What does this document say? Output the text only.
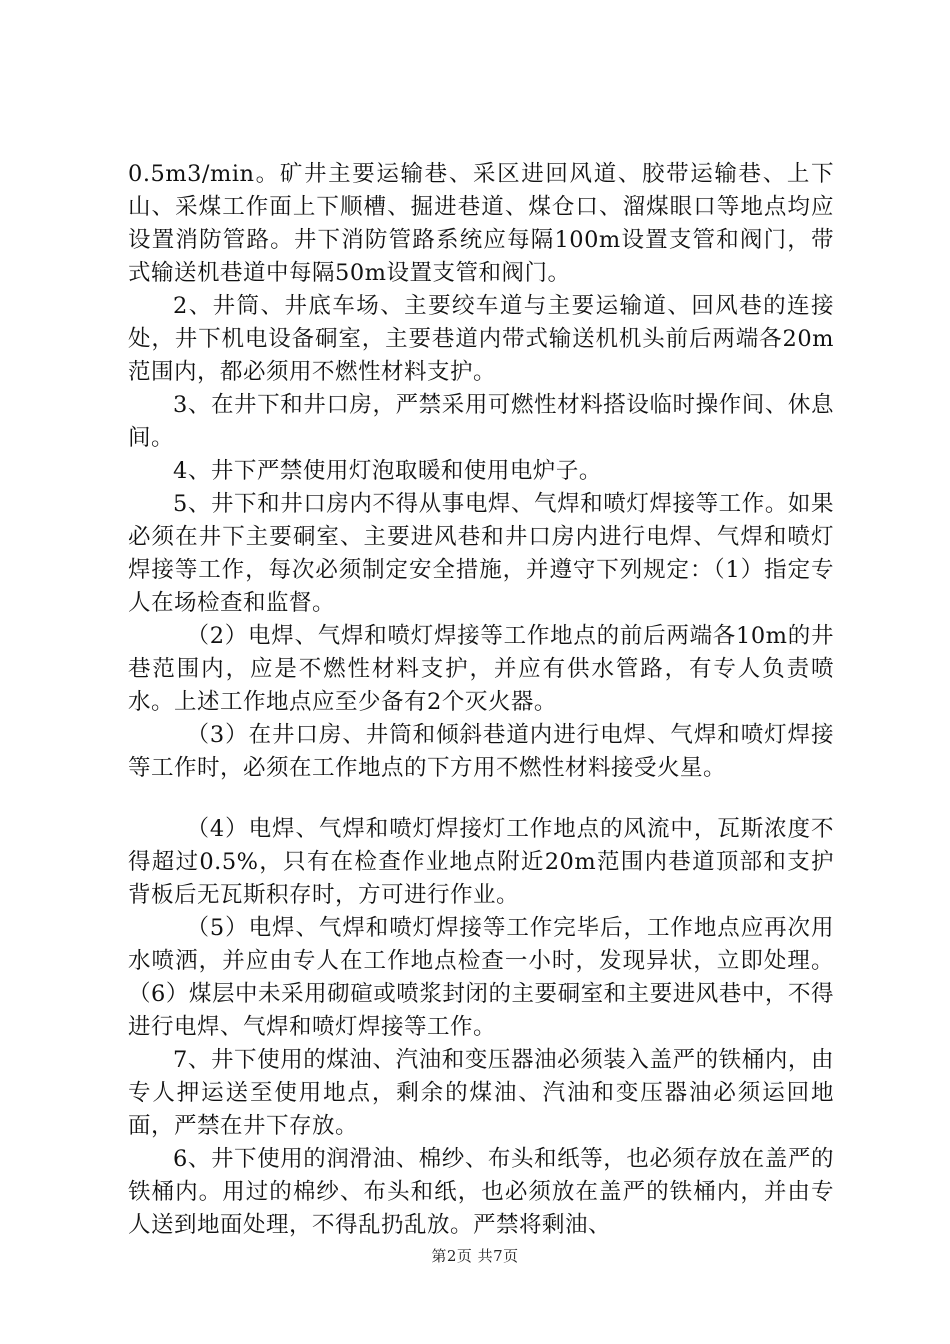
0.5m3/min。矿井主要运输巷、采区进回风道、胶带运输巷、上下山、采煤工作面上下顺槽、掘进巷道、煤仓口、溜煤眼口等地点均应设置消防管路。井下消防管路系统应每隔100m设置支管和阀门，带式输送机巷道中每隔50m设置支管和阀门。

2、井筒、井底车场、主要绞车道与主要运输道、回风巷的连接处，井下机电设备硐室，主要巷道内带式输送机机头前后两端各20m范围内，都必须用不燃性材料支护。

3、在井下和井口房，严禁采用可燃性材料搭设临时操作间、休息间。

4、井下严禁使用灯泡取暖和使用电炉子。

5、井下和井口房内不得从事电焊、气焊和喷灯焊接等工作。如果必须在井下主要硐室、主要进风巷和井口房内进行电焊、气焊和喷灯焊接等工作，每次必须制定安全措施，并遵守下列规定：（1）指定专人在场检查和监督。

（2）电焊、气焊和喷灯焊接等工作地点的前后两端各10m的井巷范围内，应是不燃性材料支护，并应有供水管路，有专人负责喷水。上述工作地点应至少备有2个灭火器。

（3）在井口房、井筒和倾斜巷道内进行电焊、气焊和喷灯焊接等工作时，必须在工作地点的下方用不燃性材料接受火星。

（4）电焊、气焊和喷灯焊接灯工作地点的风流中，瓦斯浓度不得超过0.5%，只有在检查作业地点附近20m范围内巷道顶部和支护背板后无瓦斯积存时，方可进行作业。

（5）电焊、气焊和喷灯焊接等工作完毕后，工作地点应再次用水喷洒，并应由专人在工作地点检查一小时，发现异状，立即处理。（6）煤层中未采用砌碹或喷浆封闭的主要硐室和主要进风巷中，不得进行电焊、气焊和喷灯焊接等工作。

7、井下使用的煤油、汽油和变压器油必须装入盖严的铁桶内，由专人押运送至使用地点，剩余的煤油、汽油和变压器油必须运回地面，严禁在井下存放。

6、井下使用的润滑油、棉纱、布头和纸等，也必须存放在盖严的铁桶内。用过的棉纱、布头和纸，也必须放在盖严的铁桶内，并由专人送到地面处理，不得乱扔乱放。严禁将剩油、

第2页 共7页
